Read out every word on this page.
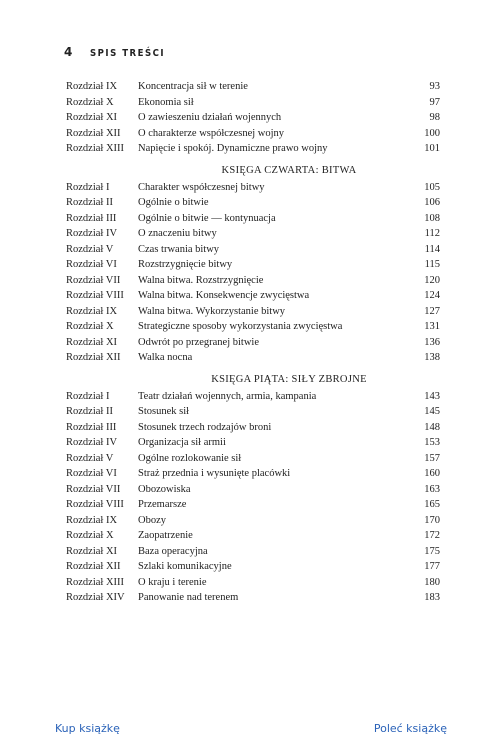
4	SPIS TREŚCI
Rozdział IX	Koncentracja sił w terenie	93
Rozdział X	Ekonomia sił	97
Rozdział XI	O zawieszeniu działań wojennych	98
Rozdział XII	O charakterze współczesnej wojny	100
Rozdział XIII	Napięcie i spokój. Dynamiczne prawo wojny	101
KSIĘGA CZWARTA: BITWA
Rozdział I	Charakter współczesnej bitwy	105
Rozdział II	Ogólnie o bitwie	106
Rozdział III	Ogólnie o bitwie — kontynuacja	108
Rozdział IV	O znaczeniu bitwy	112
Rozdział V	Czas trwania bitwy	114
Rozdział VI	Rozstrzygnięcie bitwy	115
Rozdział VII	Walna bitwa. Rozstrzygnięcie	120
Rozdział VIII	Walna bitwa. Konsekwencje zwycięstwa	124
Rozdział IX	Walna bitwa. Wykorzystanie bitwy	127
Rozdział X	Strategiczne sposoby wykorzystania zwycięstwa	131
Rozdział XI	Odwrót po przegranej bitwie	136
Rozdział XII	Walka nocna	138
KSIĘGA PIĄTA: SIŁY ZBROJNE
Rozdział I	Teatr działań wojennych, armia, kampania	143
Rozdział II	Stosunek sił	145
Rozdział III	Stosunek trzech rodzajów broni	148
Rozdział IV	Organizacja sił armii	153
Rozdział V	Ogólne rozlokowanie sił	157
Rozdział VI	Straż przednia i wysunięte placówki	160
Rozdział VII	Obozowiska	163
Rozdział VIII	Przemarsze	165
Rozdział IX	Obozy	170
Rozdział X	Zaopatrzenie	172
Rozdział XI	Baza operacyjna	175
Rozdział XII	Szlaki komunikacyjne	177
Rozdział XIII	O kraju i terenie	180
Rozdział XIV	Panowanie nad terenem	183
Kup książkę	Poleć książkę
